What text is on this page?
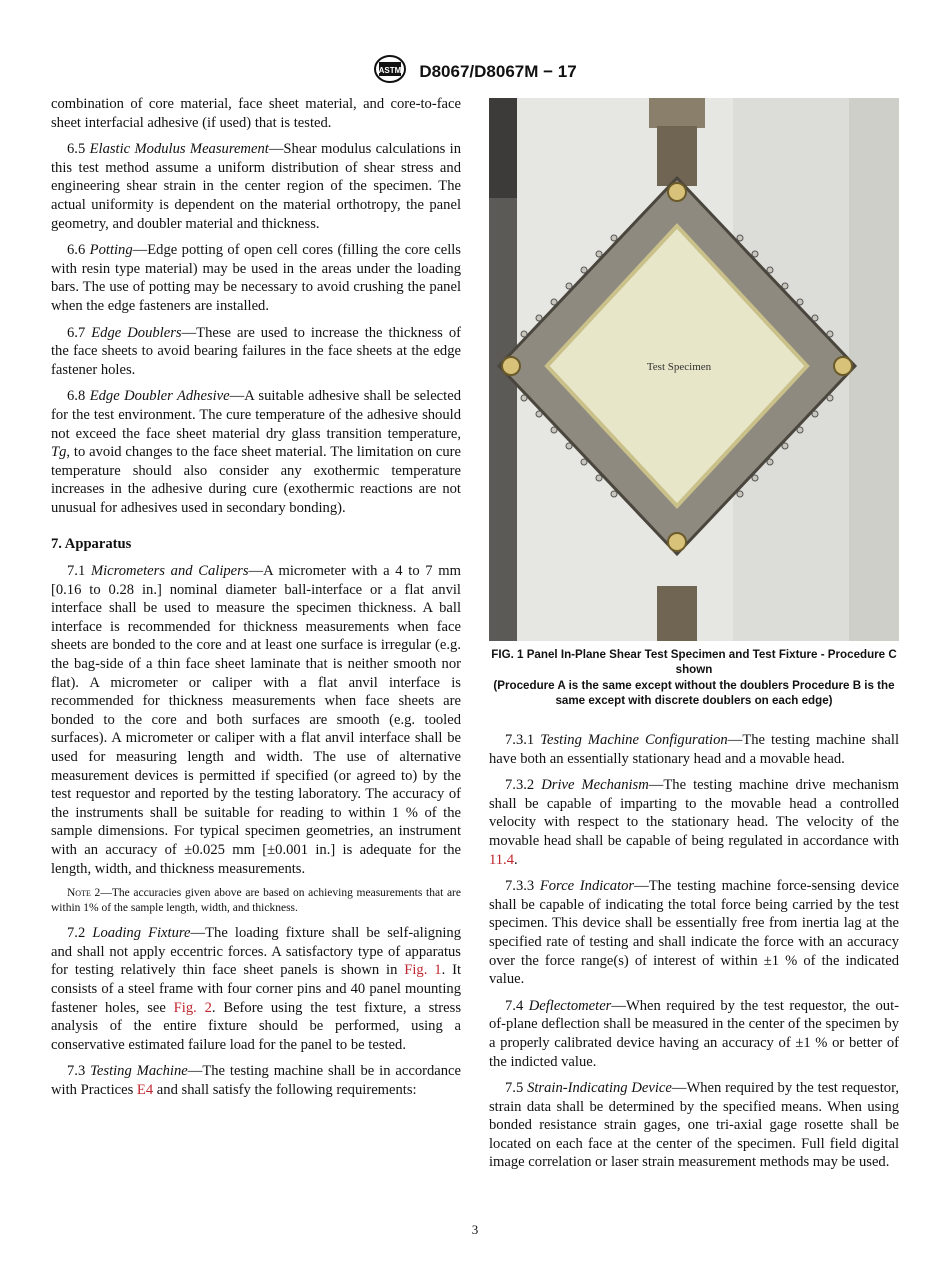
ASTM D8067/D8067M − 17

combination of core material, face sheet material, and core-to-face sheet interfacial adhesive (if used) that is tested.

6.5 Elastic Modulus Measurement—Shear modulus calculations in this test method assume a uniform distribution of shear stress and engineering shear strain in the center region of the specimen. The actual uniformity is dependent on the material orthotropy, the panel geometry, and doubler material and thickness.

6.6 Potting—Edge potting of open cell cores (filling the core cells with resin type material) may be used in the areas under the loading bars. The use of potting may be necessary to avoid crushing the panel when the edge fasteners are installed.

6.7 Edge Doublers—These are used to increase the thickness of the face sheets to avoid bearing failures in the face sheets at the edge fastener holes.

6.8 Edge Doubler Adhesive—A suitable adhesive shall be selected for the test environment. The cure temperature of the adhesive should not exceed the face sheet material dry glass transition temperature, Tg, to avoid changes to the face sheet material. The limitation on cure temperature should also consider any exothermic temperature increases in the adhesive during cure (exothermic reactions are not unusual for adhesives used in secondary bonding).

7. Apparatus

7.1 Micrometers and Calipers—A micrometer with a 4 to 7 mm [0.16 to 0.28 in.] nominal diameter ball-interface or a flat anvil interface shall be used to measure the specimen thickness. A ball interface is recommended for thickness measurements when face sheets are bonded to the core and at least one surface is irregular (e.g. the bag-side of a thin face sheet laminate that is neither smooth nor flat). A micrometer or caliper with a flat anvil interface is recommended for thickness measurements when face sheets are bonded to the core and both surfaces are smooth (e.g. tooled surfaces). A micrometer or caliper with a flat anvil interface shall be used for measuring length and width. The use of alternative measurement devices is permitted if specified (or agreed to) by the test requestor and reported by the testing laboratory. The accuracy of the instruments shall be suitable for reading to within 1 % of the sample dimensions. For typical specimen geometries, an instrument with an accuracy of ±0.025 mm [±0.001 in.] is adequate for the length, width, and thickness measurements.

Note 2—The accuracies given above are based on achieving measurements that are within 1% of the sample length, width, and thickness.

7.2 Loading Fixture—The loading fixture shall be self-aligning and shall not apply eccentric forces. A satisfactory type of apparatus for testing relatively thin face sheet panels is shown in Fig. 1. It consists of a steel frame with four corner pins and 40 panel mounting fastener holes, see Fig. 2. Before using the test fixture, a stress analysis of the entire fixture should be performed, using a conservative estimated failure load for the panel to be tested.

7.3 Testing Machine—The testing machine shall be in accordance with Practices E4 and shall satisfy the following requirements:

Test Specimen
FIG. 1 Panel In-Plane Shear Test Specimen and Test Fixture - Procedure C shown
(Procedure A is the same except without the doublers Procedure B is the same except with discrete doublers on each edge)

7.3.1 Testing Machine Configuration—The testing machine shall have both an essentially stationary head and a movable head.

7.3.2 Drive Mechanism—The testing machine drive mechanism shall be capable of imparting to the movable head a controlled velocity with respect to the stationary head. The velocity of the movable head shall be capable of being regulated in accordance with 11.4.

7.3.3 Force Indicator—The testing machine force-sensing device shall be capable of indicating the total force being carried by the test specimen. This device shall be essentially free from inertia lag at the specified rate of testing and shall indicate the force with an accuracy over the force range(s) of interest of within ±1 % of the indicated value.

7.4 Deflectometer—When required by the test requestor, the out-of-plane deflection shall be measured in the center of the specimen by a properly calibrated device having an accuracy of ±1 % or better of the indicted value.

7.5 Strain-Indicating Device—When required by the test requestor, strain data shall be determined by the specified means. When using bonded resistance strain gages, one tri-axial gage rosette shall be located on each face at the center of the specimen. Full field digital image correlation or laser strain measurement methods may be used.

3
